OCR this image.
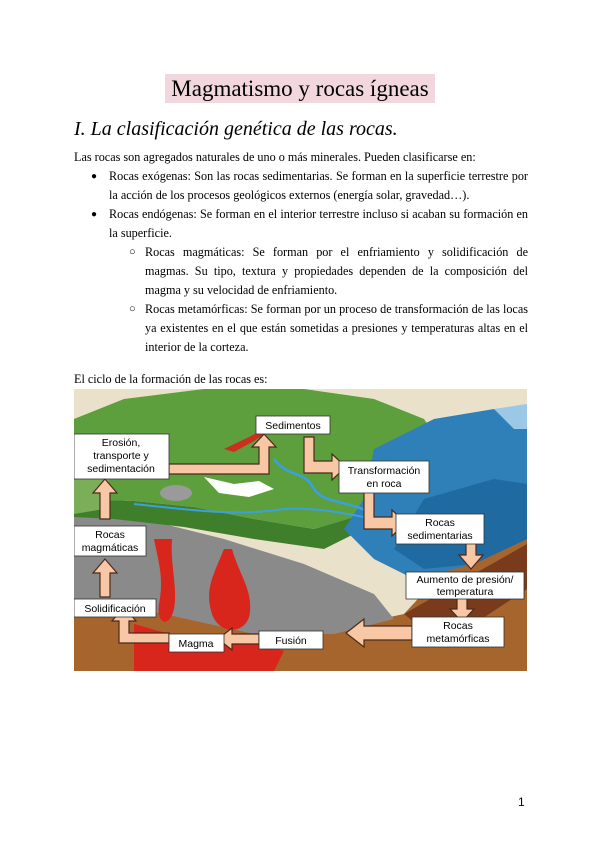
Magmatismo y rocas ígneas
I. La clasificación genética de las rocas.

Las rocas son agregados naturales de uno o más minerales. Pueden clasificarse en:

● Rocas exógenas: Son las rocas sedimentarias. Se forman en la superficie terrestre por la acción de los procesos geológicos externos (energía solar, gravedad…).
● Rocas endógenas: Se forman en el interior terrestre incluso si acaban su formación en la superficie.
○ Rocas magmáticas: Se forman por el enfriamiento y solidificación de magmas. Su tipo, textura y propiedades dependen de la composición del magma y su velocidad de enfriamiento.
○ Rocas metamórficas: Se forman por un proceso de transformación de las locas ya existentes en el que están sometidas a presiones y temperaturas altas en el interior de la corteza.

El ciclo de la formación de las rocas es:

Erosión,
transporte y
sedimentación
Sedimentos
Transformación
en roca
Rocas
sedimentarias
Aumento de presión/
temperatura
Rocas
metamórficas
Fusión
Magma
Solidificación
Rocas
magmáticas
1
